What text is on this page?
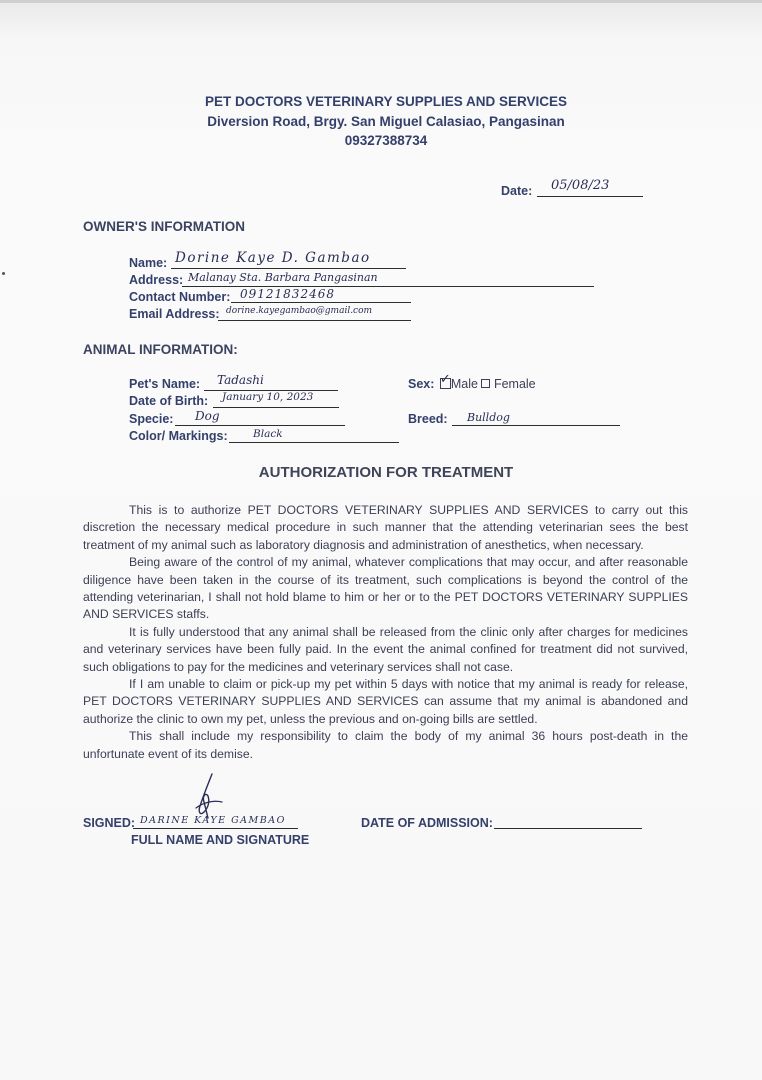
PET DOCTORS VETERINARY SUPPLIES AND SERVICES
Diversion Road, Brgy. San Miguel Calasiao, Pangasinan
09327388734
Date: 05/08/23
OWNER'S INFORMATION
Name: Dorine Kaye D. Gambao
Address: Malanay Sta. Barbara Pangasinan
Contact Number: 09121832468
Email Address: dorine.kayegambao@gmail.com
ANIMAL INFORMATION:
Pet's Name: Tadashi
Date of Birth: January 10, 2023
Specie: Dog
Color/ Markings: Black
Sex: ✓ Male Female
Breed: Bulldog
AUTHORIZATION FOR TREATMENT

This is to authorize PET DOCTORS VETERINARY SUPPLIES AND SERVICES to carry out this discretion the necessary medical procedure in such manner that the attending veterinarian sees the best treatment of my animal such as laboratory diagnosis and administration of anesthetics, when necessary.

Being aware of the control of my animal, whatever complications that may occur, and after reasonable diligence have been taken in the course of its treatment, such complications is beyond the control of the attending veterinarian, I shall not hold blame to him or her or to the PET DOCTORS VETERINARY SUPPLIES AND SERVICES staffs.

It is fully understood that any animal shall be released from the clinic only after charges for medicines and veterinary services have been fully paid. In the event the animal confined for treatment did not survived, such obligations to pay for the medicines and veterinary services shall not case.

If I am unable to claim or pick-up my pet within 5 days with notice that my animal is ready for release, PET DOCTORS VETERINARY SUPPLIES AND SERVICES can assume that my animal is abandoned and authorize the clinic to own my pet, unless the previous and on-going bills are settled.

This shall include my responsibility to claim the body of my animal 36 hours post-death in the unfortunate event of its demise.

SIGNED: DARINE KAYE GAMBAO
FULL NAME AND SIGNATURE
DATE OF ADMISSION:
